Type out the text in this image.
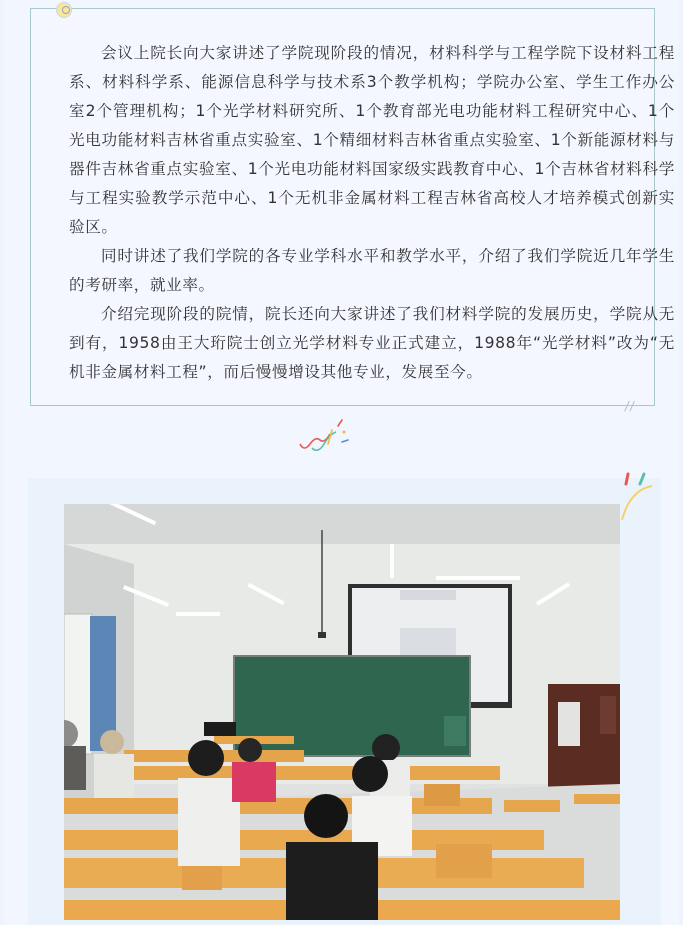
会议上院长向大家讲述了学院现阶段的情况，材料科学与工程学院下设材料工程系、材料科学系、能源信息科学与技术系3个教学机构；学院办公室、学生工作办公室2个管理机构；1个光学材料研究所、1个教育部光电功能材料工程研究中心、1个光电功能材料吉林省重点实验室、1个精细材料吉林省重点实验室、1个新能源材料与器件吉林省重点实验室、1个光电功能材料国家级实践教育中心、1个吉林省材料科学与工程实验教学示范中心、1个无机非金属材料工程吉林省高校人才培养模式创新实验区。

同时讲述了我们学院的各专业学科水平和教学水平，介绍了我们学院近几年学生的考研率，就业率。

介绍完现阶段的院情，院长还向大家讲述了我们材料学院的发展历史，学院从无到有，1958由王大珩院士创立光学材料专业正式建立，1988年“光学材料”改为“无机非金属材料工程”，而后慢慢增设其他专业，发展至今。

//
